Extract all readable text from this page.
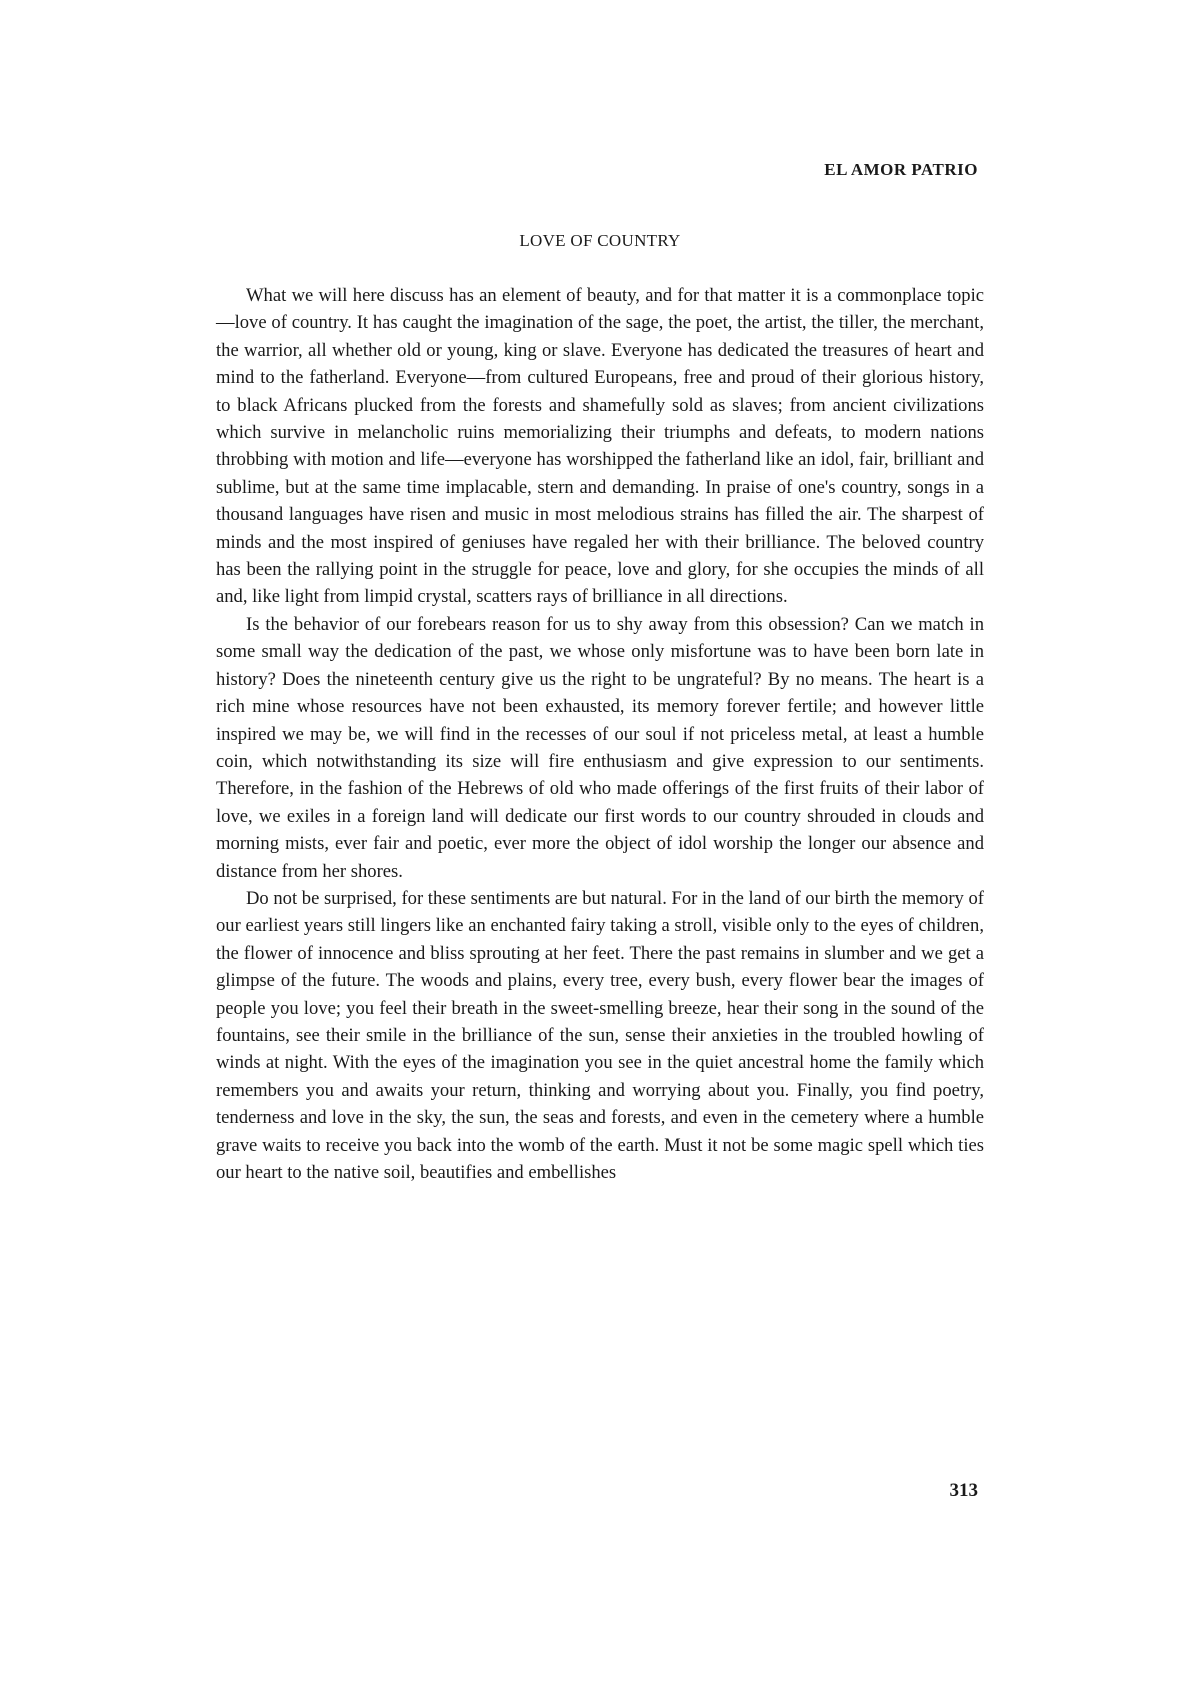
EL AMOR PATRIO
LOVE OF COUNTRY

What we will here discuss has an element of beauty, and for that matter it is a commonplace topic—love of country. It has caught the imagination of the sage, the poet, the artist, the tiller, the merchant, the warrior, all whether old or young, king or slave. Everyone has dedicated the treasures of heart and mind to the fatherland. Everyone—from cultured Europeans, free and proud of their glorious history, to black Africans plucked from the forests and shamefully sold as slaves; from ancient civilizations which survive in melancholic ruins memorializing their triumphs and defeats, to modern nations throbbing with motion and life—everyone has worshipped the fatherland like an idol, fair, brilliant and sublime, but at the same time implacable, stern and demanding. In praise of one's country, songs in a thousand languages have risen and music in most melodious strains has filled the air. The sharpest of minds and the most inspired of geniuses have regaled her with their brilliance. The beloved country has been the rallying point in the struggle for peace, love and glory, for she occupies the minds of all and, like light from limpid crystal, scatters rays of brilliance in all directions.

Is the behavior of our forebears reason for us to shy away from this obsession? Can we match in some small way the dedication of the past, we whose only misfortune was to have been born late in history? Does the nineteenth century give us the right to be ungrateful? By no means. The heart is a rich mine whose resources have not been exhausted, its memory forever fertile; and however little inspired we may be, we will find in the recesses of our soul if not priceless metal, at least a humble coin, which notwithstanding its size will fire enthusiasm and give expression to our sentiments. Therefore, in the fashion of the Hebrews of old who made offerings of the first fruits of their labor of love, we exiles in a foreign land will dedicate our first words to our country shrouded in clouds and morning mists, ever fair and poetic, ever more the object of idol worship the longer our absence and distance from her shores.

Do not be surprised, for these sentiments are but natural. For in the land of our birth the memory of our earliest years still lingers like an enchanted fairy taking a stroll, visible only to the eyes of children, the flower of innocence and bliss sprouting at her feet. There the past remains in slumber and we get a glimpse of the future. The woods and plains, every tree, every bush, every flower bear the images of people you love; you feel their breath in the sweet-smelling breeze, hear their song in the sound of the fountains, see their smile in the brilliance of the sun, sense their anxieties in the troubled howling of winds at night. With the eyes of the imagination you see in the quiet ancestral home the family which remembers you and awaits your return, thinking and worrying about you. Finally, you find poetry, tenderness and love in the sky, the sun, the seas and forests, and even in the cemetery where a humble grave waits to receive you back into the womb of the earth. Must it not be some magic spell which ties our heart to the native soil, beautifies and embellishes

313
